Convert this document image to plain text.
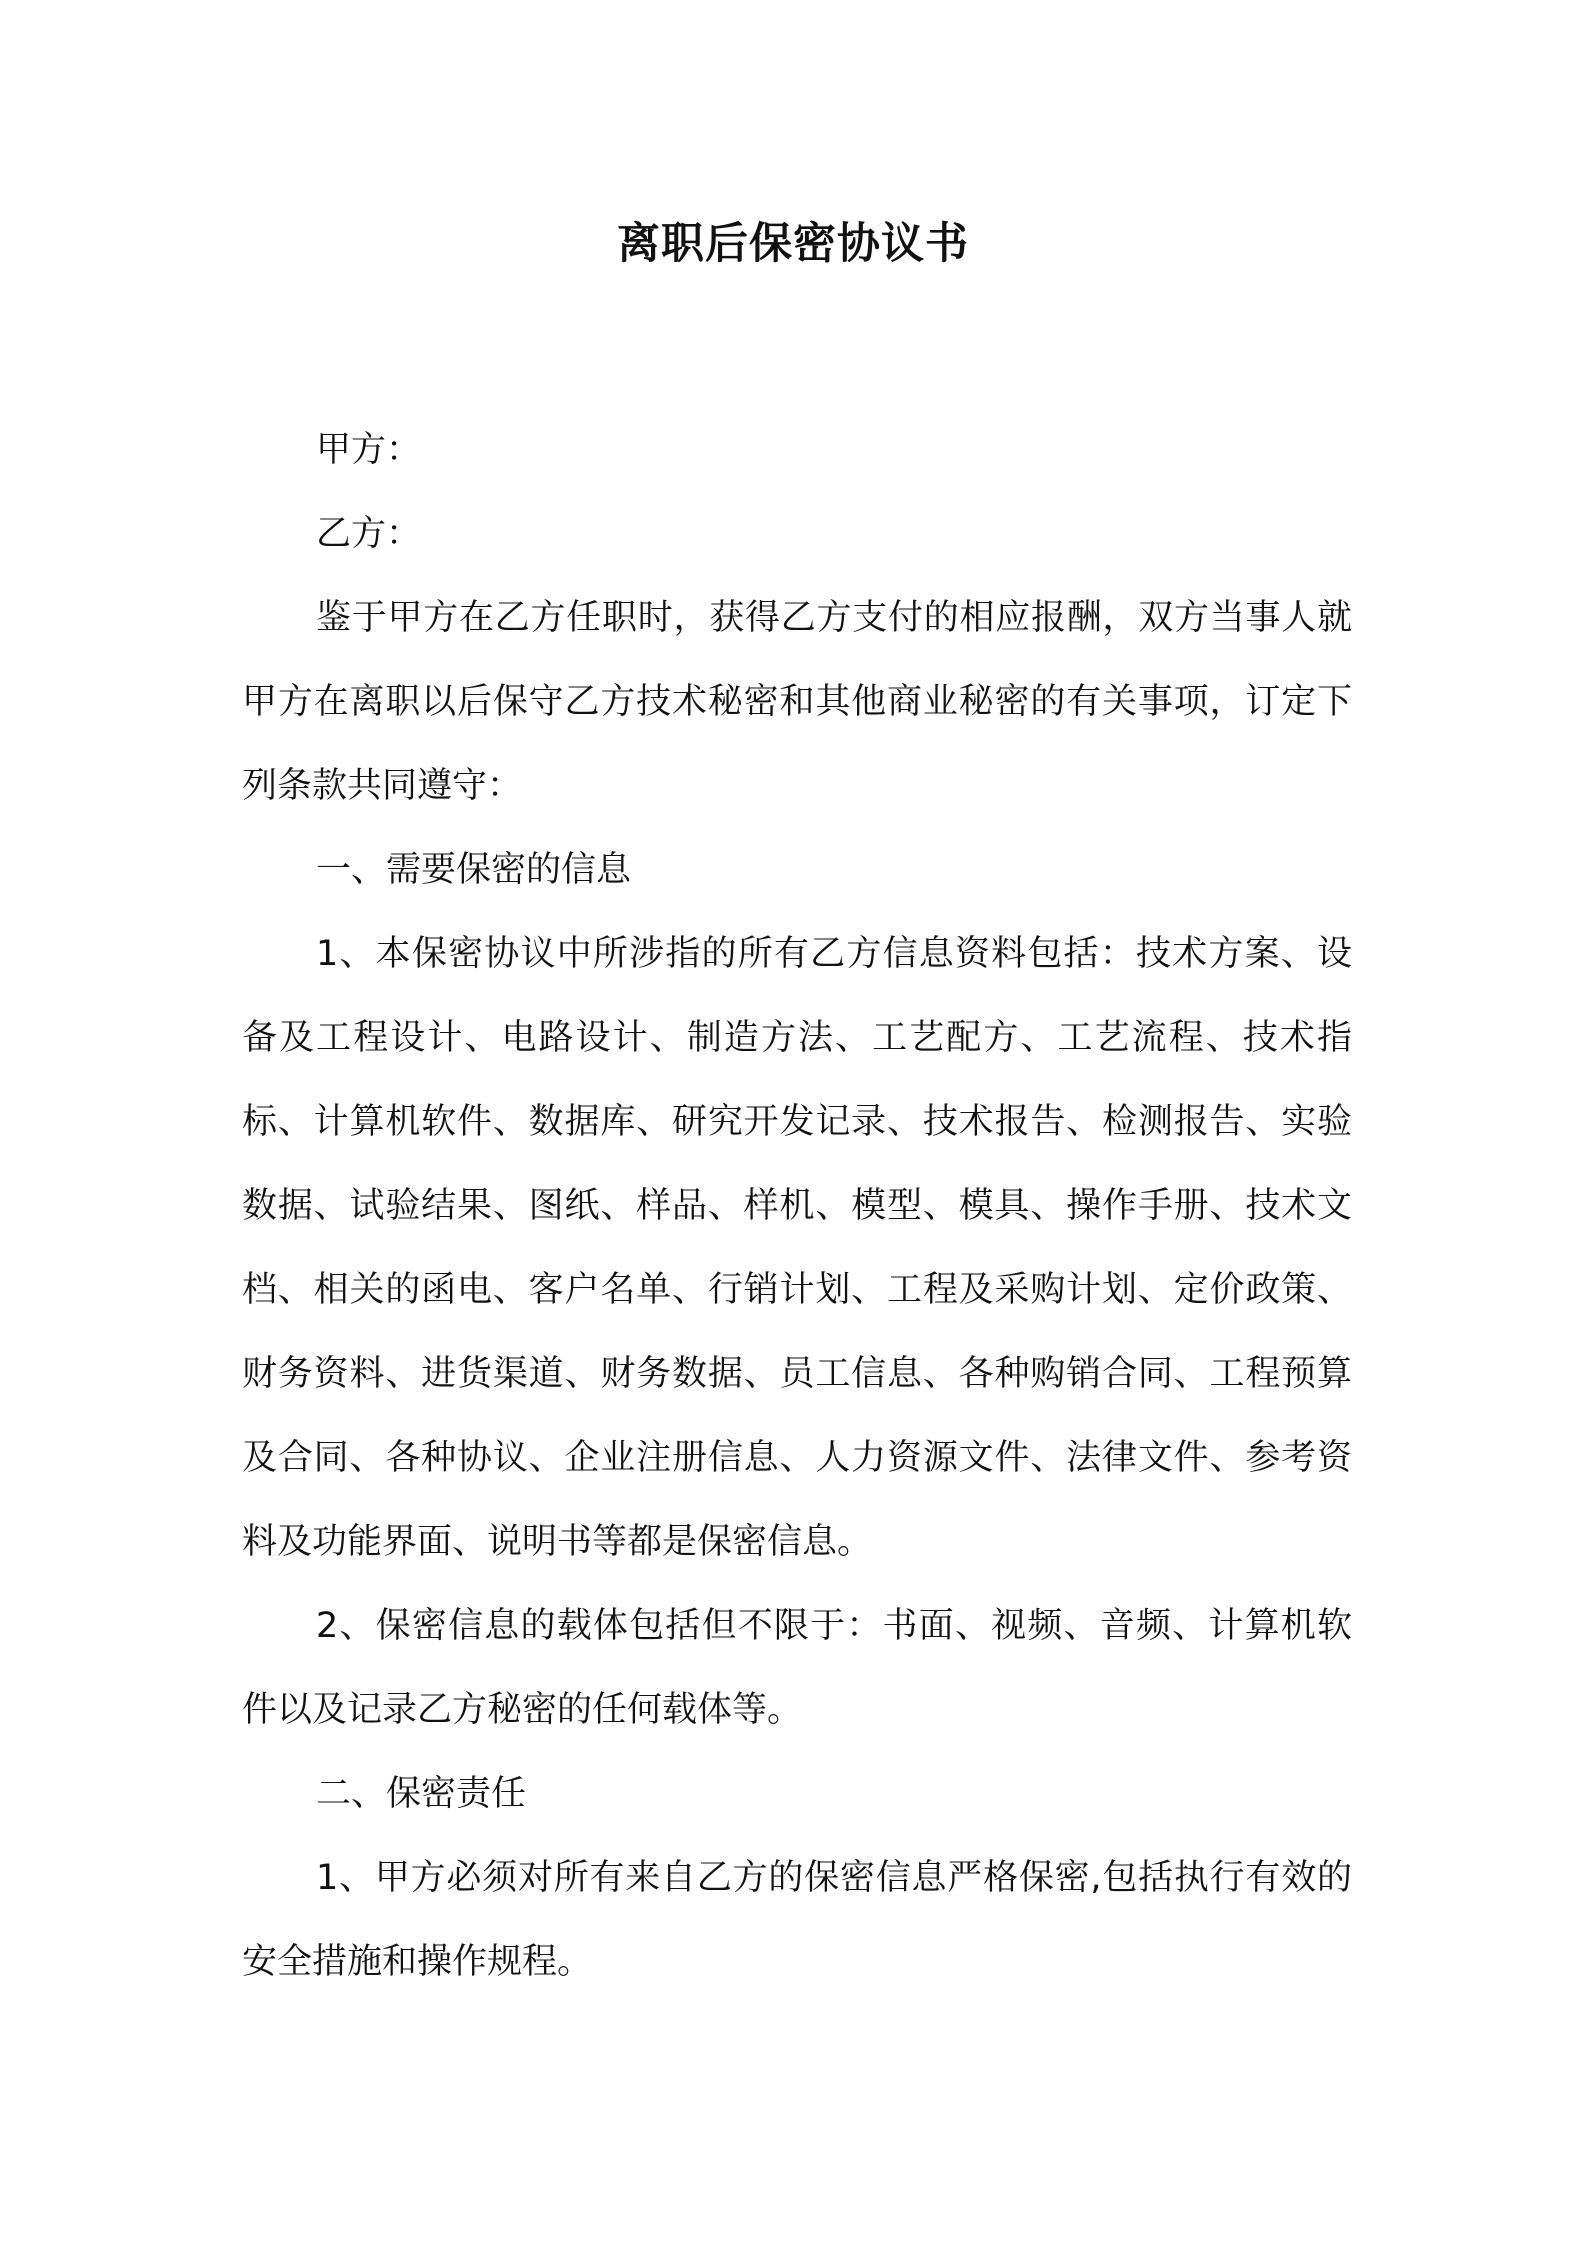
离职后保密协议书

甲方：

乙方：

鉴于甲方在乙方任职时，获得乙方支付的相应报酬，双方当事人就甲方在离职以后保守乙方技术秘密和其他商业秘密的有关事项，订定下列条款共同遵守：

一、需要保密的信息

1、本保密协议中所涉指的所有乙方信息资料包括：技术方案、设备及工程设计、电路设计、制造方法、工艺配方、工艺流程、技术指标、计算机软件、数据库、研究开发记录、技术报告、检测报告、实验数据、试验结果、图纸、样品、样机、模型、模具、操作手册、技术文档、相关的函电、客户名单、行销计划、工程及采购计划、定价政策、财务资料、进货渠道、财务数据、员工信息、各种购销合同、工程预算及合同、各种协议、企业注册信息、人力资源文件、法律文件、参考资料及功能界面、说明书等都是保密信息。

2、保密信息的载体包括但不限于：书面、视频、音频、计算机软件以及记录乙方秘密的任何载体等。

二、保密责任

1、甲方必须对所有来自乙方的保密信息严格保密,包括执行有效的安全措施和操作规程。
